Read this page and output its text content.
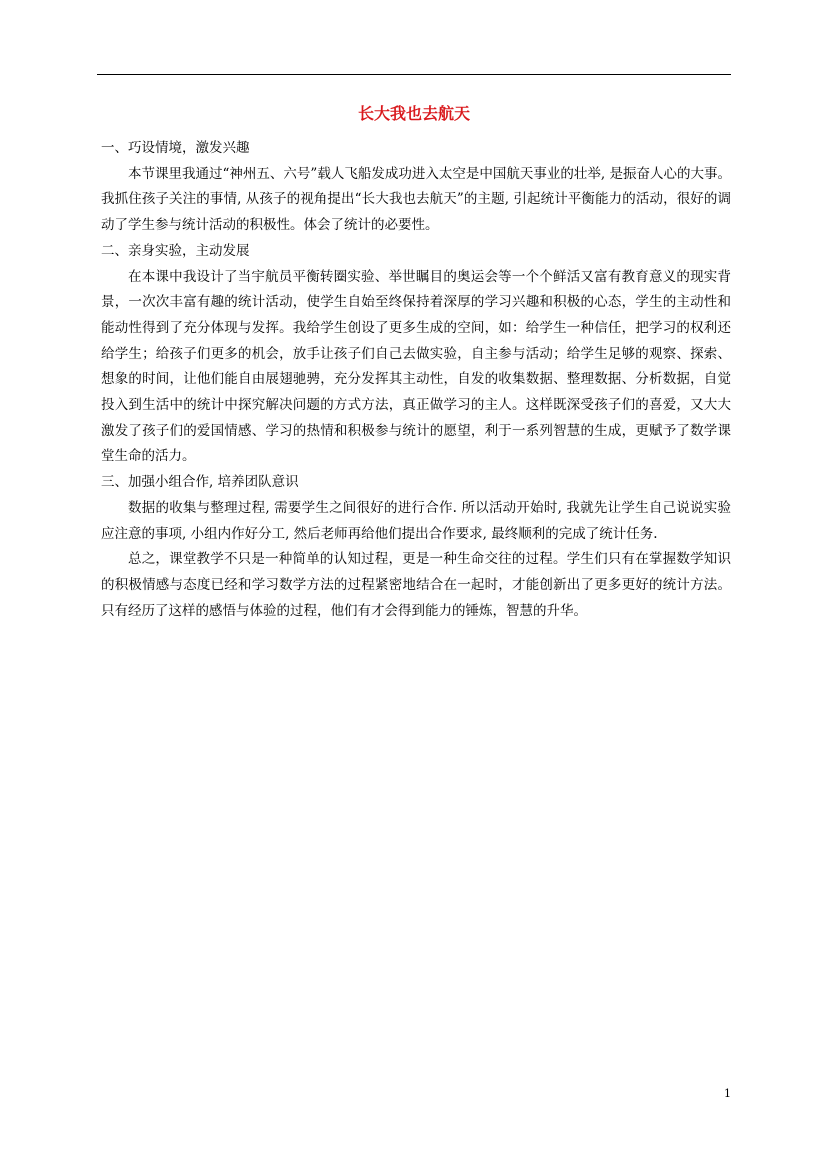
长大我也去航天
一、巧设情境，激发兴趣

本节课里我通过“神州五、六号”载人飞船发成功进入太空是中国航天事业的壮举, 是振奋人心的大事。我抓住孩子关注的事情, 从孩子的视角提出“长大我也去航天”的主题, 引起统计平衡能力的活动，很好的调动了学生参与统计活动的积极性。体会了统计的必要性。

二、亲身实验，主动发展

在本课中我设计了当宇航员平衡转圈实验、举世瞩目的奥运会等一个个鲜活又富有教育意义的现实背景，一次次丰富有趣的统计活动，使学生自始至终保持着深厚的学习兴趣和积极的心态，学生的主动性和能动性得到了充分体现与发挥。我给学生创设了更多生成的空间，如：给学生一种信任，把学习的权利还给学生；给孩子们更多的机会，放手让孩子们自己去做实验，自主参与活动；给学生足够的观察、探索、想象的时间，让他们能自由展翅驰骋，充分发挥其主动性，自发的收集数据、整理数据、分析数据，自觉投入到生活中的统计中探究解决问题的方式方法，真正做学习的主人。这样既深受孩子们的喜爱，又大大激发了孩子们的爱国情感、学习的热情和积极参与统计的愿望，利于一系列智慧的生成，更赋予了数学课堂生命的活力。

三、加强小组合作, 培养团队意识

数据的收集与整理过程, 需要学生之间很好的进行合作. 所以活动开始时, 我就先让学生自己说说实验应注意的事项, 小组内作好分工, 然后老师再给他们提出合作要求, 最终顺利的完成了统计任务.

总之，课堂教学不只是一种简单的认知过程，更是一种生命交往的过程。学生们只有在掌握数学知识的积极情感与态度已经和学习数学方法的过程紧密地结合在一起时，才能创新出了更多更好的统计方法。只有经历了这样的感悟与体验的过程，他们有才会得到能力的锤炼，智慧的升华。

1
